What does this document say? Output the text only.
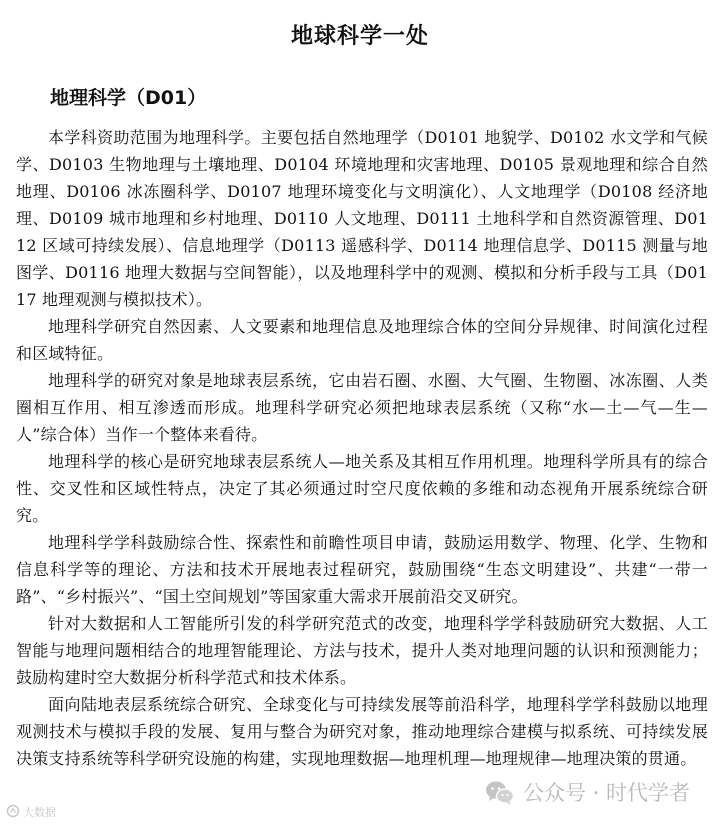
地球科学一处
地理科学（D01）

本学科资助范围为地理科学。主要包括自然地理学（D0101 地貌学、D0102 水文学和气候学、D0103 生物地理与土壤地理、D0104 环境地理和灾害地理、D0105 景观地理和综合自然地理、D0106 冰冻圈科学、D0107 地理环境变化与文明演化）、人文地理学（D0108 经济地理、D0109 城市地理和乡村地理、D0110 人文地理、D0111 土地科学和自然资源管理、D0112 区域可持续发展）、信息地理学（D0113 遥感科学、D0114 地理信息学、D0115 测量与地图学、D0116 地理大数据与空间智能），以及地理科学中的观测、模拟和分析手段与工具（D0117 地理观测与模拟技术）。

地理科学研究自然因素、人文要素和地理信息及地理综合体的空间分异规律、时间演化过程和区域特征。

地理科学的研究对象是地球表层系统，它由岩石圈、水圈、大气圈、生物圈、冰冻圈、人类圈相互作用、相互渗透而形成。地理科学研究必须把地球表层系统（又称“水—土—气—生—人”综合体）当作一个整体来看待。

地理科学的核心是研究地球表层系统人—地关系及其相互作用机理。地理科学所具有的综合性、交叉性和区域性特点，决定了其必须通过时空尺度依赖的多维和动态视角开展系统综合研究。

地理科学学科鼓励综合性、探索性和前瞻性项目申请，鼓励运用数学、物理、化学、生物和信息科学等的理论、方法和技术开展地表过程研究，鼓励围绕“生态文明建设”、共建“一带一路”、“乡村振兴”、“国土空间规划”等国家重大需求开展前沿交叉研究。

针对大数据和人工智能所引发的科学研究范式的改变，地理科学学科鼓励研究大数据、人工智能与地理问题相结合的地理智能理论、方法与技术，提升人类对地理问题的认识和预测能力；鼓励构建时空大数据分析科学范式和技术体系。

面向陆地表层系统综合研究、全球变化与可持续发展等前沿科学，地理科学学科鼓励以地理观测技术与模拟手段的发展、复用与整合为研究对象，推动地理综合建模与拟系统、可持续发展决策支持系统等科学研究设施的构建，实现地理数据—地理机理—地理规律—地理决策的贯通。

公众号 · 时代学者
大数据
